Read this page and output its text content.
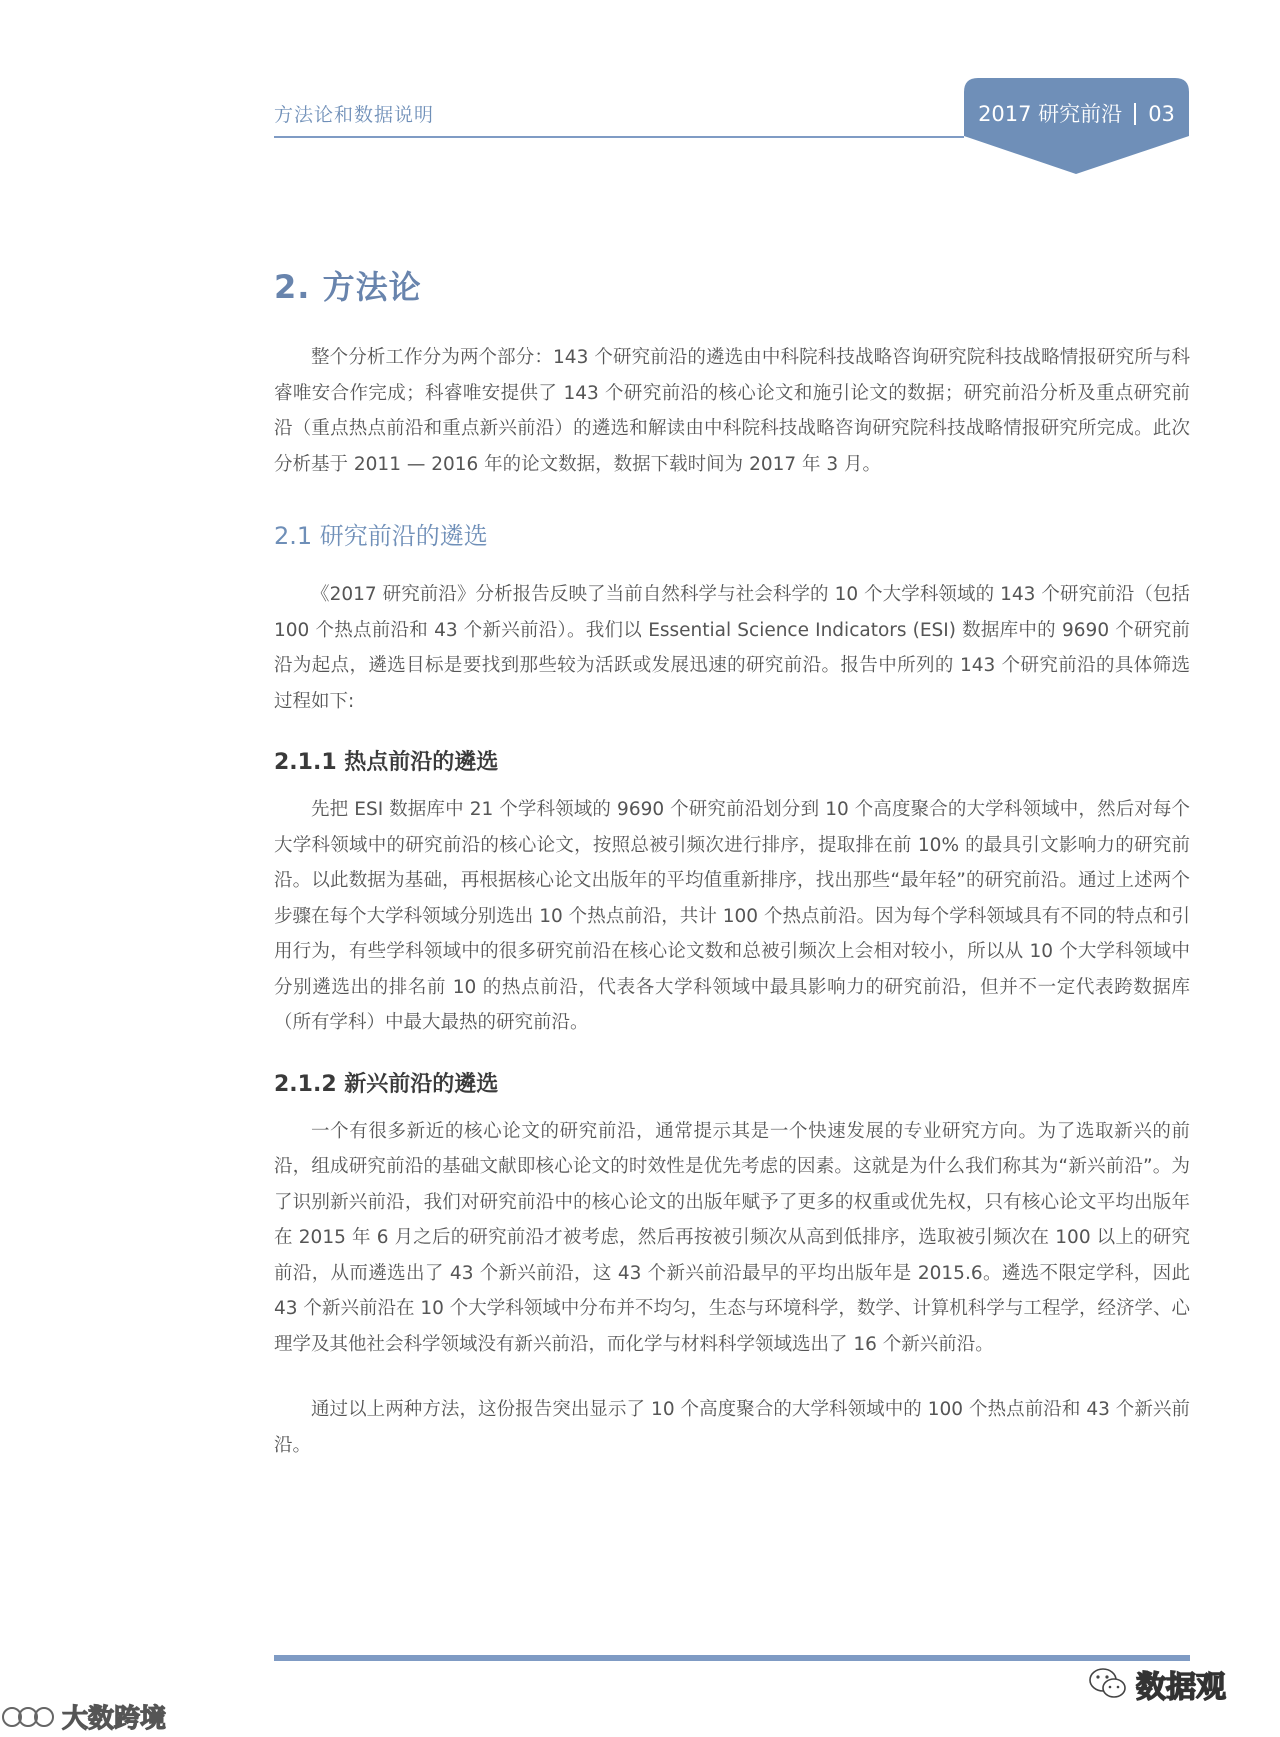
方法论和数据说明	2017 研究前沿 03
2. 方法论

整个分析工作分为两个部分：143 个研究前沿的遴选由中科院科技战略咨询研究院科技战略情报研究所与科睿唯安合作完成；科睿唯安提供了 143 个研究前沿的核心论文和施引论文的数据；研究前沿分析及重点研究前沿（重点热点前沿和重点新兴前沿）的遴选和解读由中科院科技战略咨询研究院科技战略情报研究所完成。此次分析基于 2011 — 2016 年的论文数据，数据下载时间为 2017 年 3 月。

2.1 研究前沿的遴选

《2017 研究前沿》分析报告反映了当前自然科学与社会科学的 10 个大学科领域的 143 个研究前沿（包括 100 个热点前沿和 43 个新兴前沿）。我们以 Essential Science Indicators (ESI) 数据库中的 9690 个研究前沿为起点，遴选目标是要找到那些较为活跃或发展迅速的研究前沿。报告中所列的 143 个研究前沿的具体筛选过程如下:

2.1.1 热点前沿的遴选

先把 ESI 数据库中 21 个学科领域的 9690 个研究前沿划分到 10 个高度聚合的大学科领域中，然后对每个大学科领域中的研究前沿的核心论文，按照总被引频次进行排序，提取排在前 10% 的最具引文影响力的研究前沿。以此数据为基础，再根据核心论文出版年的平均值重新排序，找出那些“最年轻”的研究前沿。通过上述两个步骤在每个大学科领域分别选出 10 个热点前沿，共计 100 个热点前沿。因为每个学科领域具有不同的特点和引用行为，有些学科领域中的很多研究前沿在核心论文数和总被引频次上会相对较小，所以从 10 个大学科领域中分别遴选出的排名前 10 的热点前沿，代表各大学科领域中最具影响力的研究前沿，但并不一定代表跨数据库（所有学科）中最大最热的研究前沿。

2.1.2 新兴前沿的遴选

一个有很多新近的核心论文的研究前沿，通常提示其是一个快速发展的专业研究方向。为了选取新兴的前沿，组成研究前沿的基础文献即核心论文的时效性是优先考虑的因素。这就是为什么我们称其为“新兴前沿”。为了识别新兴前沿，我们对研究前沿中的核心论文的出版年赋予了更多的权重或优先权，只有核心论文平均出版年在 2015 年 6 月之后的研究前沿才被考虑，然后再按被引频次从高到低排序，选取被引频次在 100 以上的研究前沿，从而遴选出了 43 个新兴前沿，这 43 个新兴前沿最早的平均出版年是 2015.6。遴选不限定学科，因此 43 个新兴前沿在 10 个大学科领域中分布并不均匀，生态与环境科学，数学、计算机科学与工程学，经济学、心理学及其他社会科学领域没有新兴前沿，而化学与材料科学领域选出了 16 个新兴前沿。

通过以上两种方法，这份报告突出显示了 10 个高度聚合的大学科领域中的 100 个热点前沿和 43 个新兴前沿。

数据观
大数跨境
